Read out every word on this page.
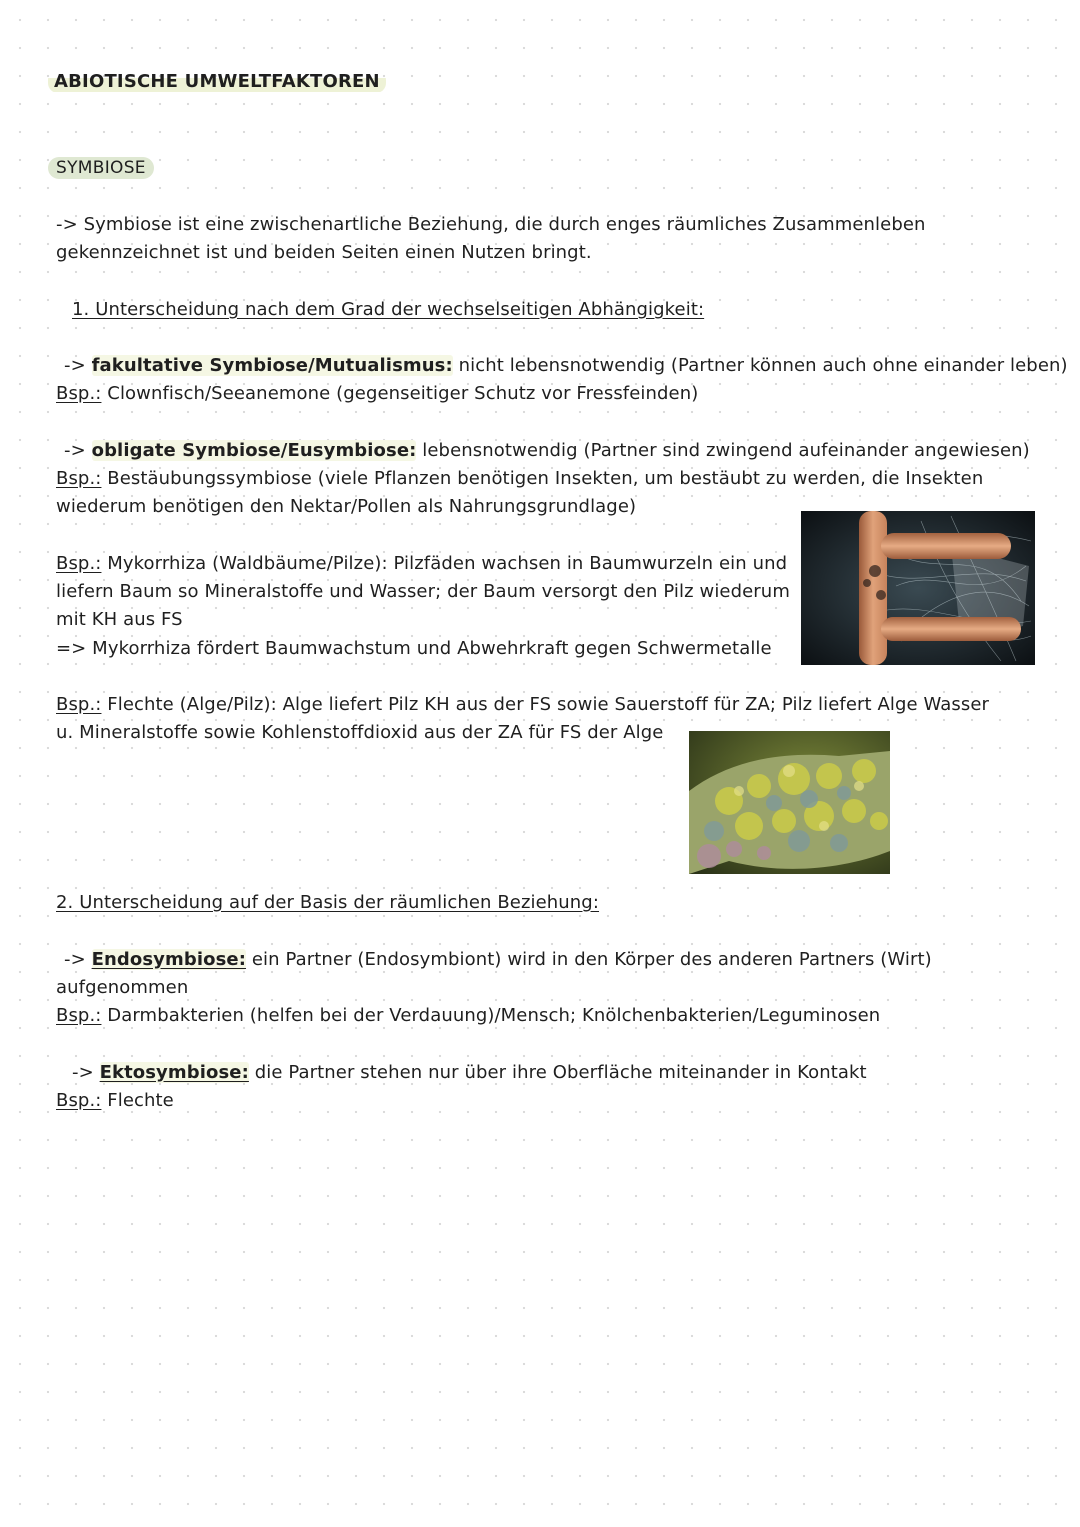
ABIOTISCHE UMWELTFAKTOREN
SYMBIOSE
-> Symbiose ist eine zwischenartliche Beziehung, die durch enges räumliches Zusammenleben
gekennzeichnet ist und beiden Seiten einen Nutzen bringt.
1. Unterscheidung nach dem Grad der wechselseitigen Abhängigkeit:
-> fakultative Symbiose/Mutualismus: nicht lebensnotwendig (Partner können auch ohne einander leben)
Bsp.: Clownfisch/Seeanemone (gegenseitiger Schutz vor Fressfeinden)
-> obligate Symbiose/Eusymbiose: lebensnotwendig (Partner sind zwingend aufeinander angewiesen)
Bsp.: Bestäubungssymbiose (viele Pflanzen benötigen Insekten, um bestäubt zu werden, die Insekten
wiederum benötigen den Nektar/Pollen als Nahrungsgrundlage)
Bsp.: Mykorrhiza (Waldbäume/Pilze): Pilzfäden wachsen in Baumwurzeln ein und
liefern Baum so Mineralstoffe und Wasser; der Baum versorgt den Pilz wiederum
mit KH aus FS
=> Mykorrhiza fördert Baumwachstum und Abwehrkraft gegen Schwermetalle
Bsp.: Flechte (Alge/Pilz): Alge liefert Pilz KH aus der FS sowie Sauerstoff für ZA; Pilz liefert Alge Wasser
u. Mineralstoffe sowie Kohlenstoffdioxid aus der ZA für FS der Alge
2. Unterscheidung auf der Basis der räumlichen Beziehung:
-> Endosymbiose: ein Partner (Endosymbiont) wird in den Körper des anderen Partners (Wirt)
aufgenommen
Bsp.: Darmbakterien (helfen bei der Verdauung)/Mensch; Knölchenbakterien/Leguminosen
-> Ektosymbiose: die Partner stehen nur über ihre Oberfläche miteinander in Kontakt
Bsp.: Flechte
